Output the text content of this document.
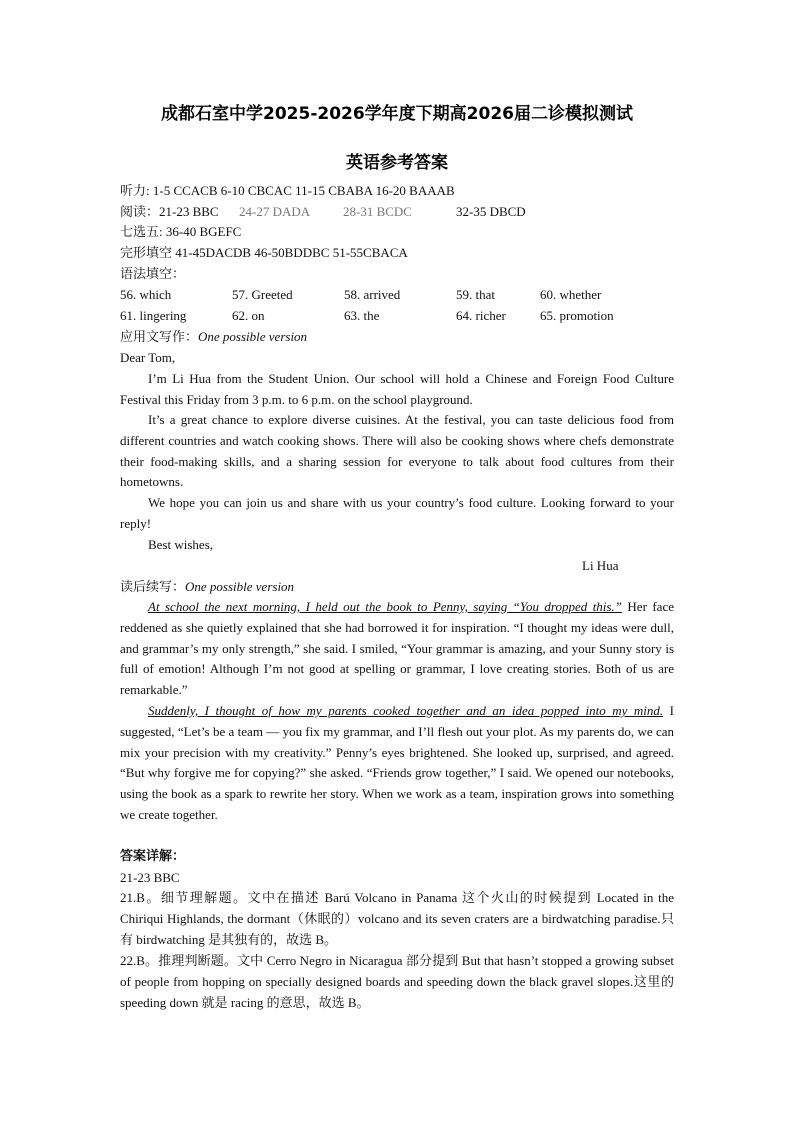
成都石室中学2025-2026学年度下期高2026届二诊模拟测试
英语参考答案
听力: 1-5 CCACB 6-10 CBCAC 11-15 CBABA 16-20 BAAAB
阅读：21-23 BBC 24-27 DADA	28-31 BCDC	32-35 DBCD
七选五: 36-40 BGEFC
完形填空 41-45DACDB 46-50BDDBC 51-55CBACA
语法填空：
56. which	57. Greeted	58. arrived	59. that	60. whether
61. lingering	62. on	63. the	64. richer	65. promotion
应用文写作：One possible version
Dear Tom,
I’m Li Hua from the Student Union. Our school will hold a Chinese and Foreign Food Culture Festival this Friday from 3 p.m. to 6 p.m. on the school playground.
It’s a great chance to explore diverse cuisines. At the festival, you can taste delicious food from different countries and watch cooking shows. There will also be cooking shows where chefs demonstrate their food-making skills, and a sharing session for everyone to talk about food cultures from their hometowns.
We hope you can join us and share with us your country’s food culture. Looking forward to your reply!
Best wishes,
Li Hua
读后续写：One possible version
At school the next morning, I held out the book to Penny, saying “You dropped this.” Her face reddened as she quietly explained that she had borrowed it for inspiration. “I thought my ideas were dull, and grammar’s my only strength,” she said. I smiled, “Your grammar is amazing, and your Sunny story is full of emotion! Although I’m not good at spelling or grammar, I love creating stories. Both of us are remarkable.”
Suddenly, I thought of how my parents cooked together and an idea popped into my mind. I suggested, “Let’s be a team — you fix my grammar, and I’ll flesh out your plot. As my parents do, we can mix your precision with my creativity.” Penny’s eyes brightened. She looked up, surprised, and agreed. “But why forgive me for copying?” she asked. “Friends grow together,” I said. We opened our notebooks, using the book as a spark to rewrite her story. When we work as a team, inspiration grows into something we create together.
答案详解：
21-23 BBC
21.B。细节理解题。文中在描述 Barú Volcano in Panama 这个火山的时候提到 Located in the Chiriqui Highlands, the dormant（休眠的）volcano and its seven craters are a birdwatching paradise.只有 birdwatching 是其独有的，故选 B。
22.B。推理判断题。文中 Cerro Negro in Nicaragua 部分提到 But that hasn’t stopped a growing subset of people from hopping on specially designed boards and speeding down the black gravel slopes.这里的 speeding down 就是 racing 的意思，故选 B。
